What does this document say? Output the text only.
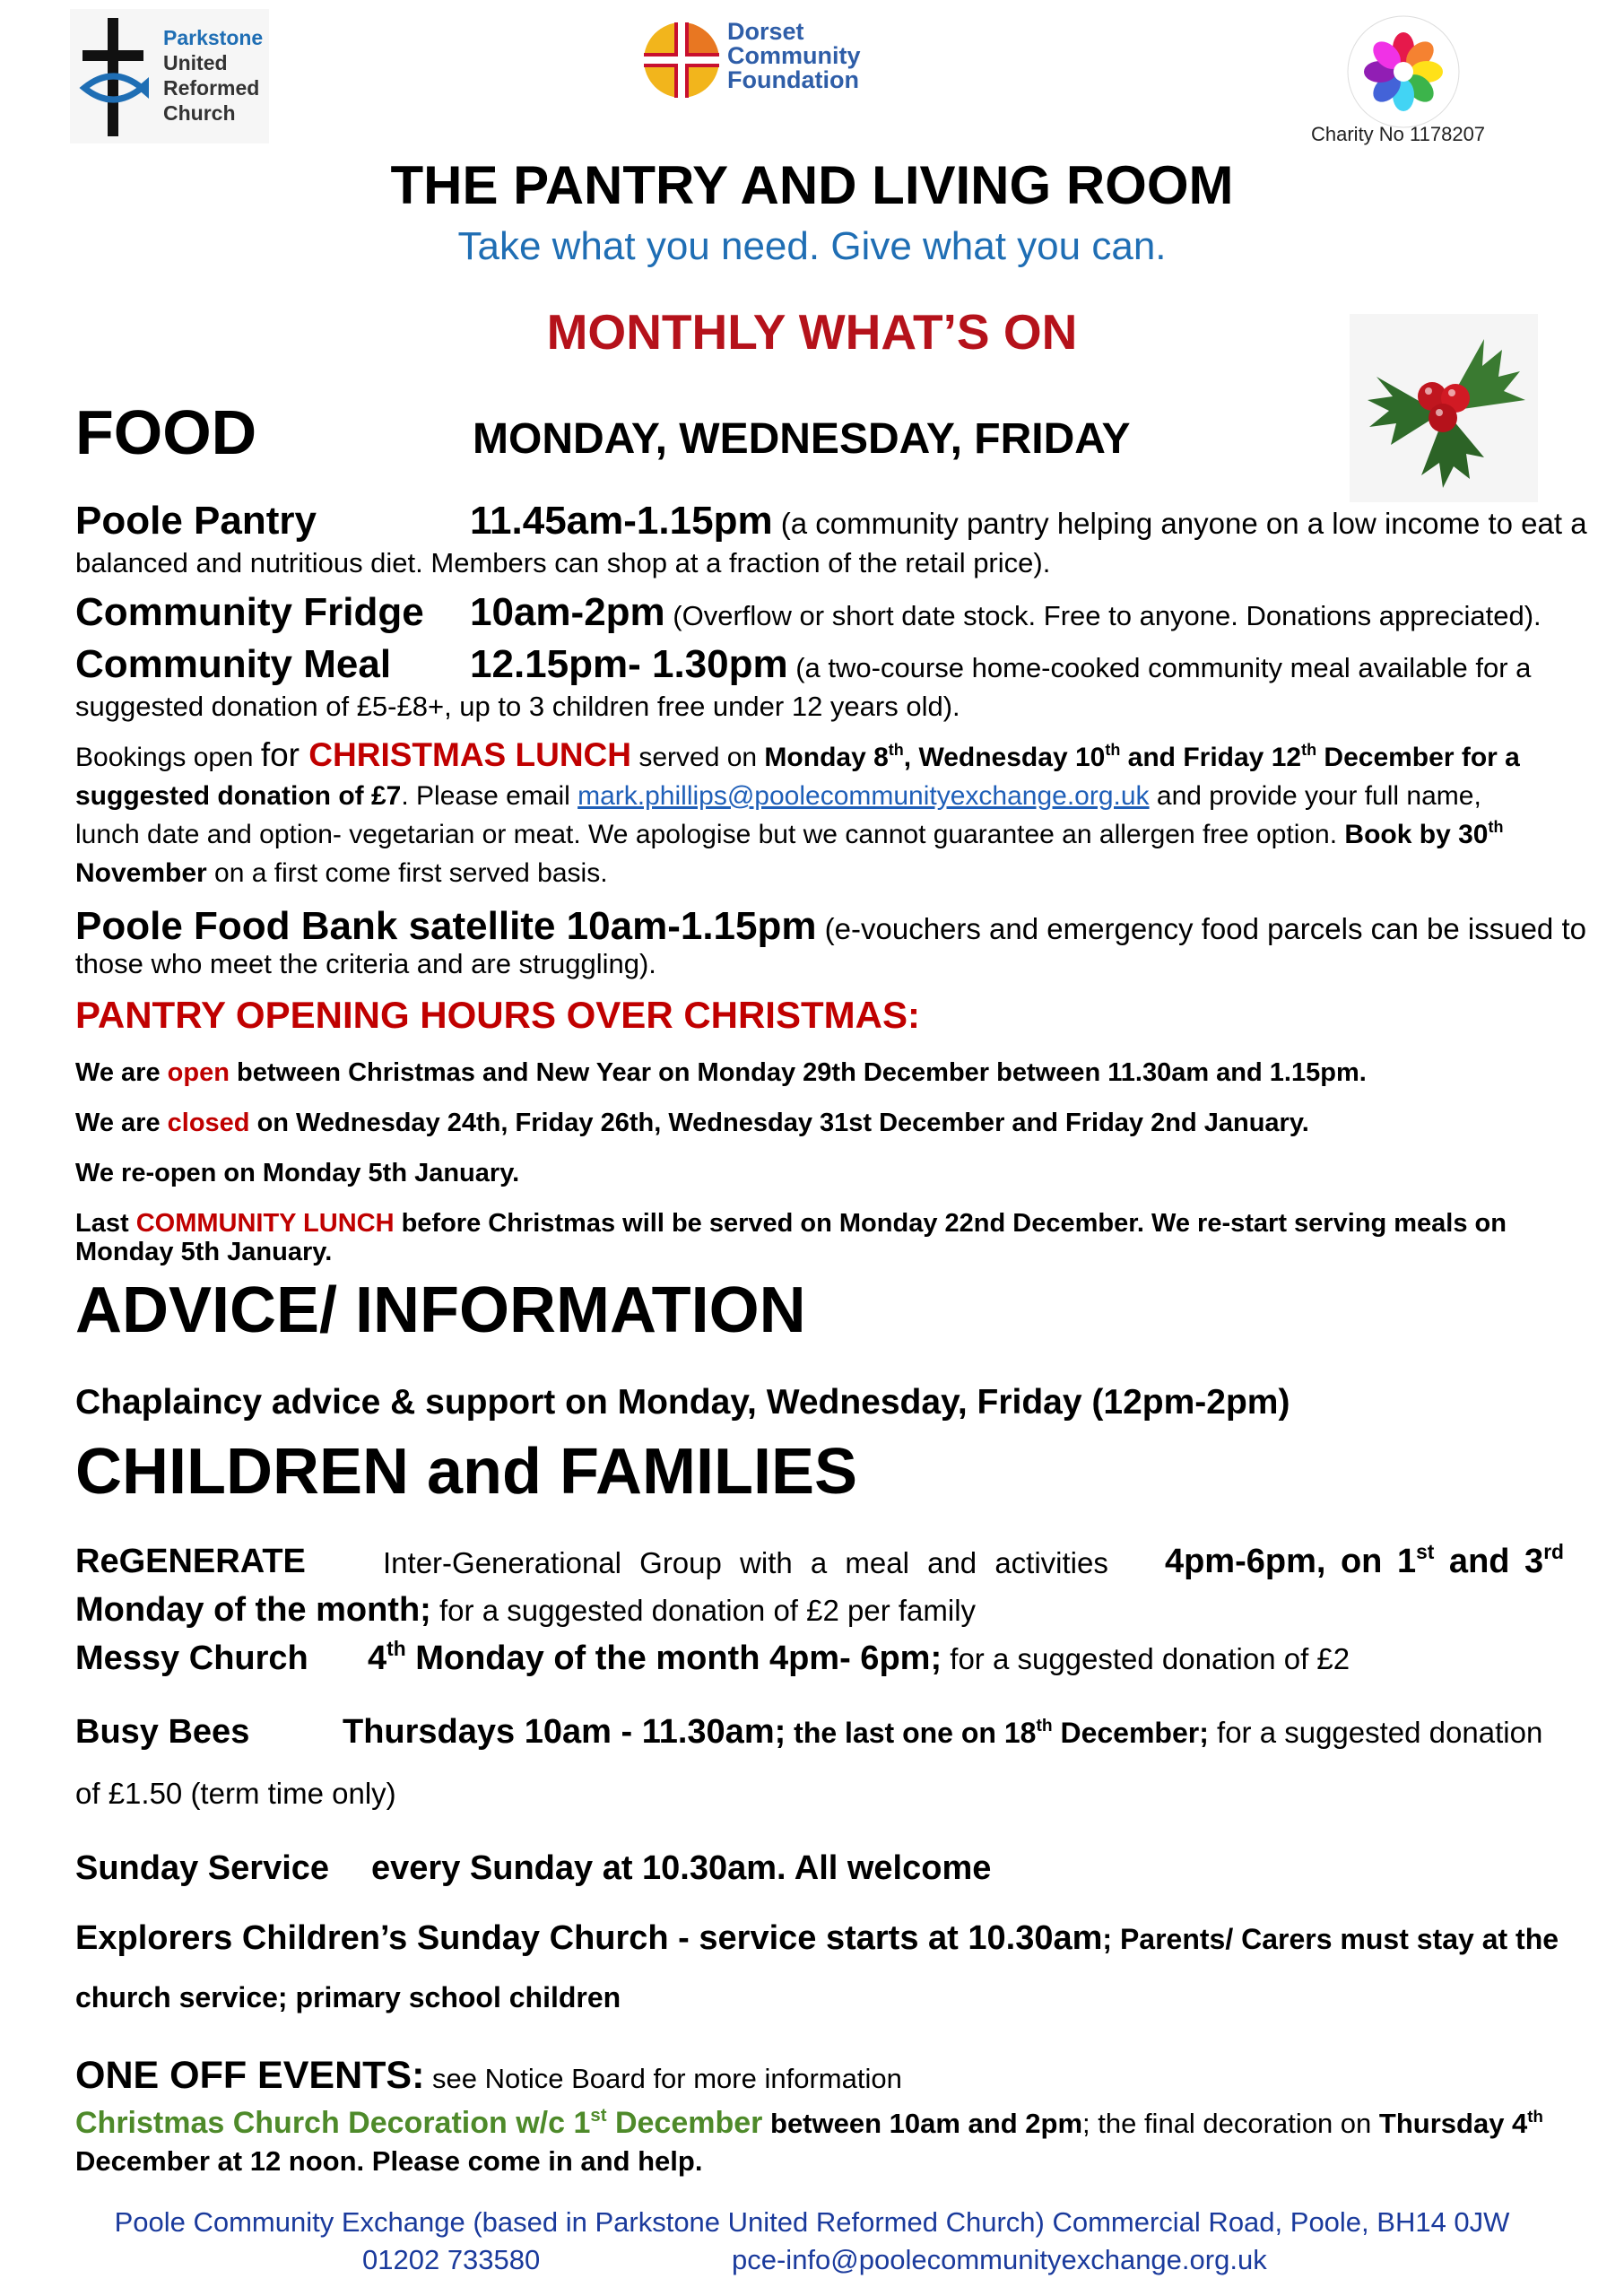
Parkstone
United
Reformed
Church
Dorset
Community
Foundation
Charity No 1178207
THE PANTRY AND LIVING ROOM
Take what you need. Give what you can.
MONTHLY WHAT’S ON
FOOD	MONDAY, WEDNESDAY, FRIDAY
Poole Pantry	11.45am-1.15pm (a community pantry helping anyone on a low income to eat a
balanced and nutritious diet. Members can shop at a fraction of the retail price).
Community Fridge 10am-2pm (Overflow or short date stock. Free to anyone. Donations appreciated).
Community Meal 12.15pm- 1.30pm (a two-course home-cooked community meal available for a
suggested donation of £5-£8+, up to 3 children free under 12 years old).
Bookings open for CHRISTMAS LUNCH served on Monday 8th, Wednesday 10th and Friday 12th December for a
suggested donation of £7. Please email mark.phillips@poolecommunityexchange.org.uk and provide your full name,
lunch date and option- vegetarian or meat. We apologise but we cannot guarantee an allergen free option. Book by 30th
November on a first come first served basis.
Poole Food Bank satellite 10am-1.15pm (e-vouchers and emergency food parcels can be issued to
those who meet the criteria and are struggling).
PANTRY OPENING HOURS OVER CHRISTMAS:
We are open between Christmas and New Year on Monday 29th December between 11.30am and 1.15pm.
We are closed on Wednesday 24th, Friday 26th, Wednesday 31st December and Friday 2nd January.
We re-open on Monday 5th January.
Last COMMUNITY LUNCH before Christmas will be served on Monday 22nd December. We re-start serving meals on
Monday 5th January.
ADVICE/ INFORMATION
Chaplaincy advice & support on Monday, Wednesday, Friday (12pm-2pm)
CHILDREN and FAMILIES
ReGENERATE	Inter-Generational Group with a meal and activities 4pm-6pm, on 1st and 3rd
Monday of the month; for a suggested donation of £2 per family
Messy Church 4th Monday of the month 4pm- 6pm; for a suggested donation of £2
Busy Bees	Thursdays 10am - 11.30am; the last one on 18th December; for a suggested donation
of £1.50 (term time only)
Sunday Service every Sunday at 10.30am. All welcome
Explorers Children’s Sunday Church - service starts at 10.30am; Parents/ Carers must stay at the
church service; primary school children
ONE OFF EVENTS: see Notice Board for more information
Christmas Church Decoration w/c 1st December between 10am and 2pm; the final decoration on Thursday 4th
December at 12 noon. Please come in and help.
Poole Community Exchange (based in Parkstone United Reformed Church) Commercial Road, Poole, BH14 0JW
01202 733580	pce-info@poolecommunityexchange.org.uk
